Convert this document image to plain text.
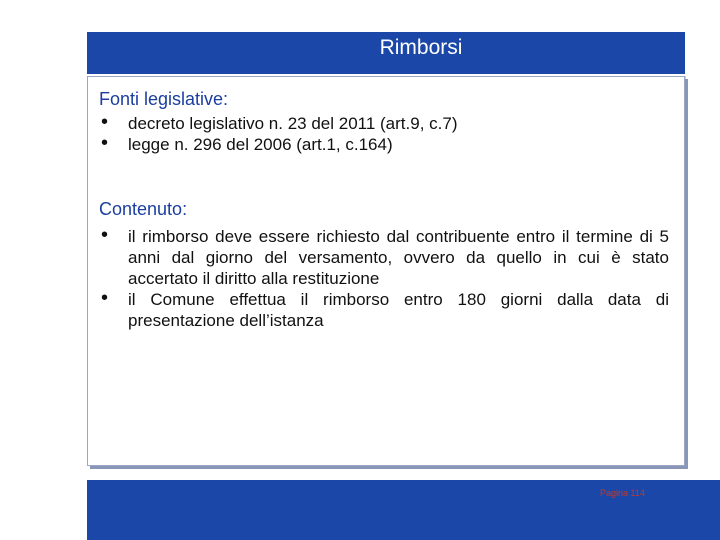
Rimborsi
Fonti legislative:
• decreto legislativo n. 23 del 2011 (art.9, c.7)
• legge n. 296 del 2006 (art.1, c.164)
Contenuto:
• il rimborso deve essere richiesto dal contribuente entro il termine di 5 anni dal giorno del versamento, ovvero da quello in cui è stato accertato il diritto alla restituzione
• il Comune effettua il rimborso entro 180 giorni dalla data di presentazione dell’istanza
Pagina 114
